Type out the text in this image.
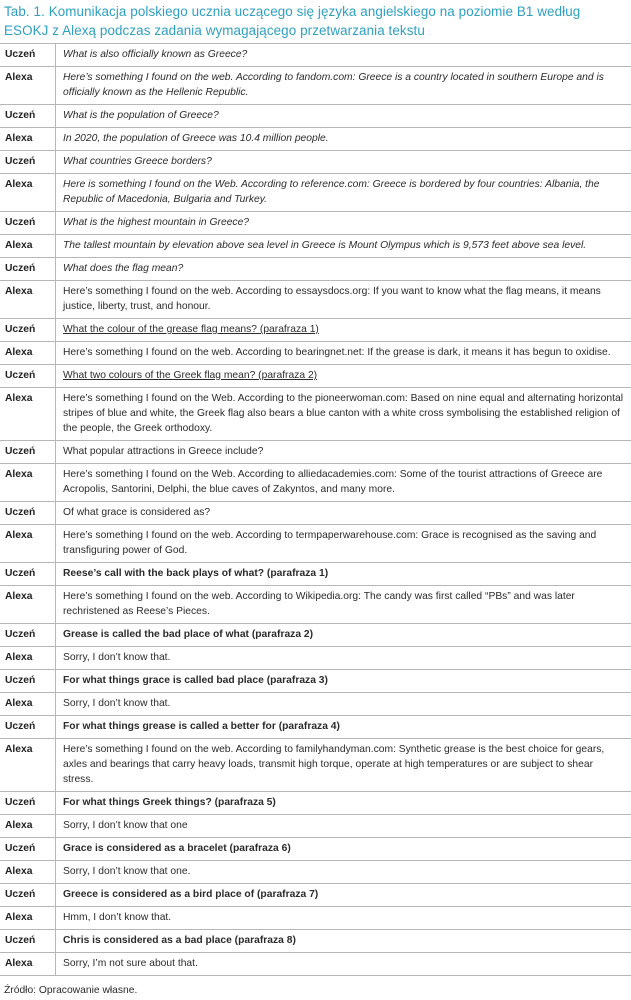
Tab. 1. Komunikacja polskiego ucznia uczącego się języka angielskiego na poziomie B1 według ESOKJ z Alexą podczas zadania wymagającego przetwarzania tekstu
Uczeń	What is also officially known as Greece?
Alexa	Here’s something I found on the web. According to fandom.com: Greece is a country located in southern Europe and is officially known as the Hellenic Republic.
Uczeń	What is the population of Greece?
Alexa	In 2020, the population of Greece was 10.4 million people.
Uczeń	What countries Greece borders?
Alexa	Here is something I found on the Web. According to reference.com: Greece is bordered by four countries: Albania, the Republic of Macedonia, Bulgaria and Turkey.
Uczeń	What is the highest mountain in Greece?
Alexa	The tallest mountain by elevation above sea level in Greece is Mount Olympus which is 9,573 feet above sea level.
Uczeń	What does the flag mean?
Alexa	Here’s something I found on the web. According to essaysdocs.org: If you want to know what the flag means, it means justice, liberty, trust, and honour.
Uczeń	What the colour of the grease flag means? (parafraza 1)
Alexa	Here’s something I found on the web. According to bearingnet.net: If the grease is dark, it means it has begun to oxidise.
Uczeń	What two colours of the Greek flag mean? (parafraza 2)
Alexa	Here’s something I found on the Web. According to the pioneerwoman.com: Based on nine equal and alternating horizontal stripes of blue and white, the Greek flag also bears a blue canton with a white cross symbolising the established religion of the people, the Greek orthodoxy.
Uczeń	What popular attractions in Greece include?
Alexa	Here’s something I found on the Web. According to alliedacademies.com: Some of the tourist attractions of Greece are Acropolis, Santorini, Delphi, the blue caves of Zakyntos, and many more.
Uczeń	Of what grace is considered as?
Alexa	Here’s something I found on the web. According to termpaperwarehouse.com: Grace is recognised as the saving and transfiguring power of God.
Uczeń	Reese’s call with the back plays of what? (parafraza 1)
Alexa	Here’s something I found on the web. According to Wikipedia.org: The candy was first called “PBs” and was later rechristened as Reese’s Pieces.
Uczeń	Grease is called the bad place of what (parafraza 2)
Alexa	Sorry, I don’t know that.
Uczeń	For what things grace is called bad place (parafraza 3)
Alexa	Sorry, I don’t know that.
Uczeń	For what things grease is called a better for (parafraza 4)
Alexa	Here’s something I found on the web. According to familyhandyman.com: Synthetic grease is the best choice for gears, axles and bearings that carry heavy loads, transmit high torque, operate at high temperatures or are subject to shear stress.
Uczeń	For what things Greek things? (parafraza 5)
Alexa	Sorry, I don’t know that one
Uczeń	Grace is considered as a bracelet (parafraza 6)
Alexa	Sorry, I don’t know that one.
Uczeń	Greece is considered as a bird place of (parafraza 7)
Alexa	Hmm, I don’t know that.
Uczeń	Chris is considered as a bad place (parafraza 8)
Alexa	Sorry, I’m not sure about that.
Źródło: Opracowanie własne.
